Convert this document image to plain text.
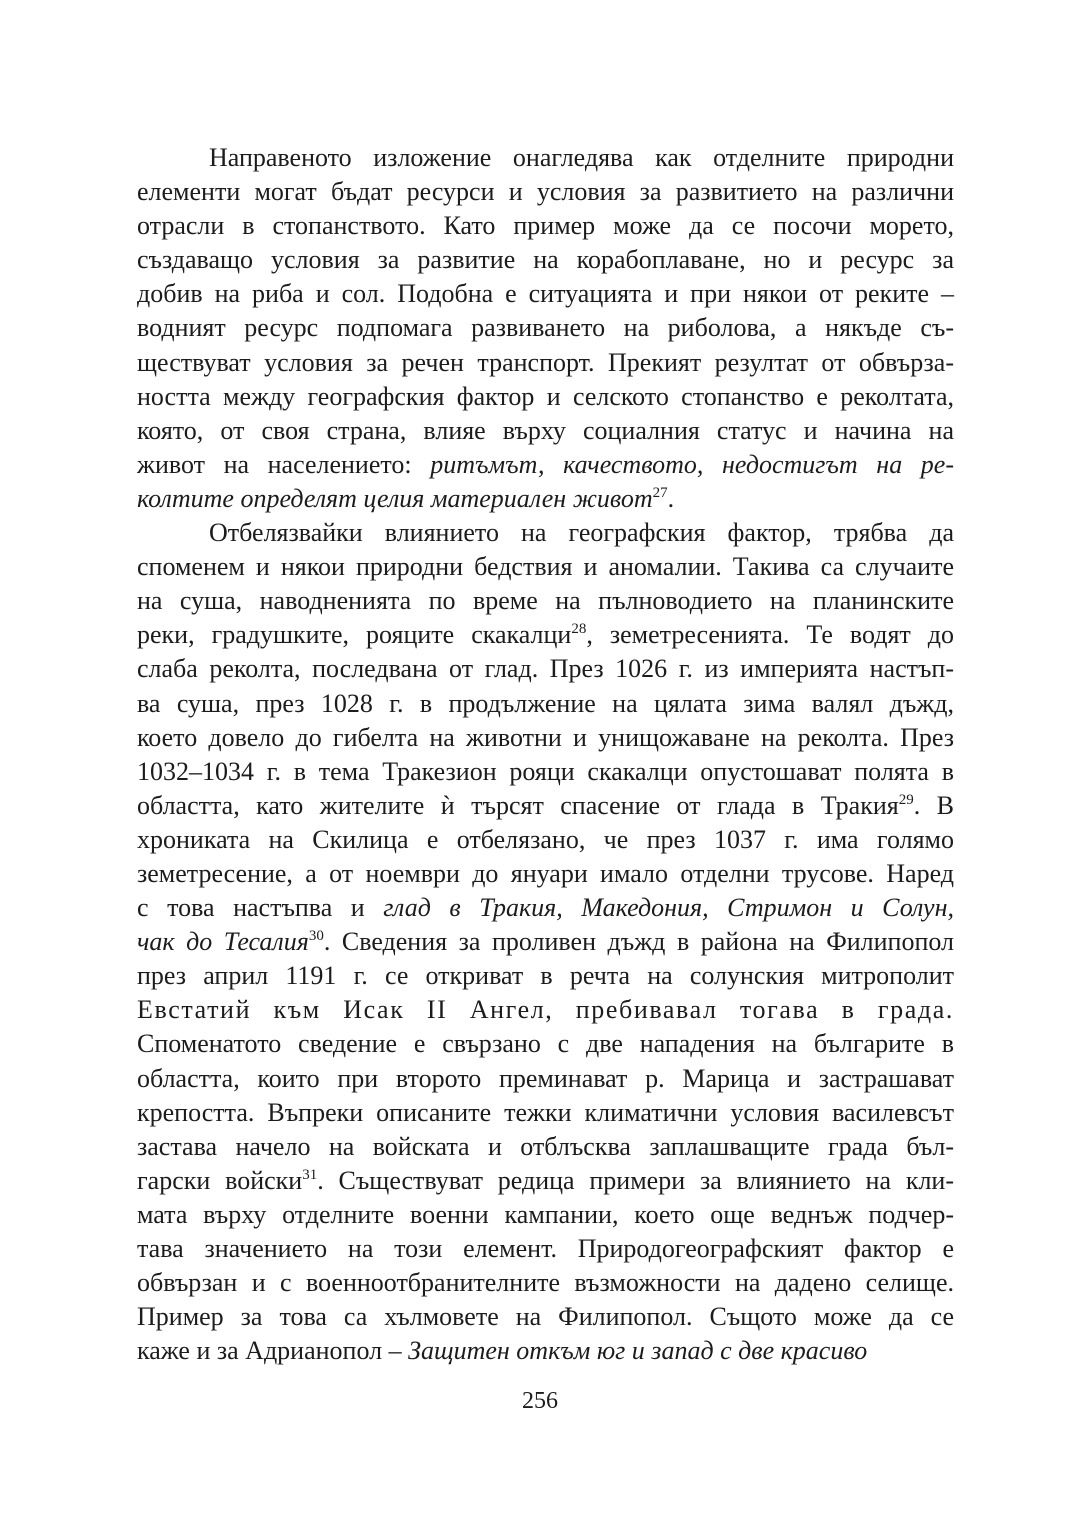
Направеното изложение онагледява как отделните природни
елементи могат бъдат ресурси и условия за развитието на различни
отрасли в стопанството. Като пример може да се посочи морето,
създаващо условия за развитие на корабоплаване, но и ресурс за
добив на риба и сол. Подобна е ситуацията и при някои от реките –
водният ресурс подпомага развиването на риболова, а някъде съ-
ществуват условия за речен транспорт. Прекият резултат от обвърза-
ността между географския фактор и селското стопанство е реколтата,
която, от своя страна, влияе върху социалния статус и начина на
живот на населението: ритъмът, качеството, недостигът на ре-
колтите определят целия материален живот$^{27}$.

Отбелязвайки влиянието на географския фактор, трябва да
споменем и някои природни бедствия и аномалии. Такива са случаите
на суша, наводненията по време на пълноводието на планинските
реки, градушките, рояците скакалци$^{28}$, земетресенията. Те водят до
слаба реколта, последвана от глад. През 1026 г. из империята настъп-
ва суша, през 1028 г. в продължение на цялата зима валял дъжд,
което довело до гибелта на животни и унищожаване на реколта. През
1032–1034 г. в тема Тракезион рояци скакалци опустошават полята в
областта, като жителите ѝ търсят спасение от глада в Тракия$^{29}$. В
хрониката на Скилица е отбелязано, че през 1037 г. има голямо
земетресение, а от ноември до януари имало отделни трусове. Наред
с това настъпва и глад в Тракия, Македония, Стримон и Солун,
чак до Тесалия$^{30}$. Сведения за проливен дъжд в района на Филипопол
през април 1191 г. се откриват в речта на солунския митрополит
Евстатий към Исак II Ангел, пребивавал тогава в града.
Споменатото сведение е свързано с две нападения на българите в
областта, които при второто преминават р. Марица и застрашават
крепостта. Въпреки описаните тежки климатични условия василевсът
застава начело на войската и отблъсква заплашващите града бъл-
гарски войски$^{31}$. Съществуват редица примери за влиянието на кли-
мата върху отделните военни кампании, което още веднъж подчер-
тава значението на този елемент. Природогеографският фактор е
обвързан и с военноотбранителните възможности на дадено селище.
Пример за това са хълмовете на Филипопол. Същото може да се
каже и за Адрианопол – Защитен откъм юг и запад с две красиво

256
